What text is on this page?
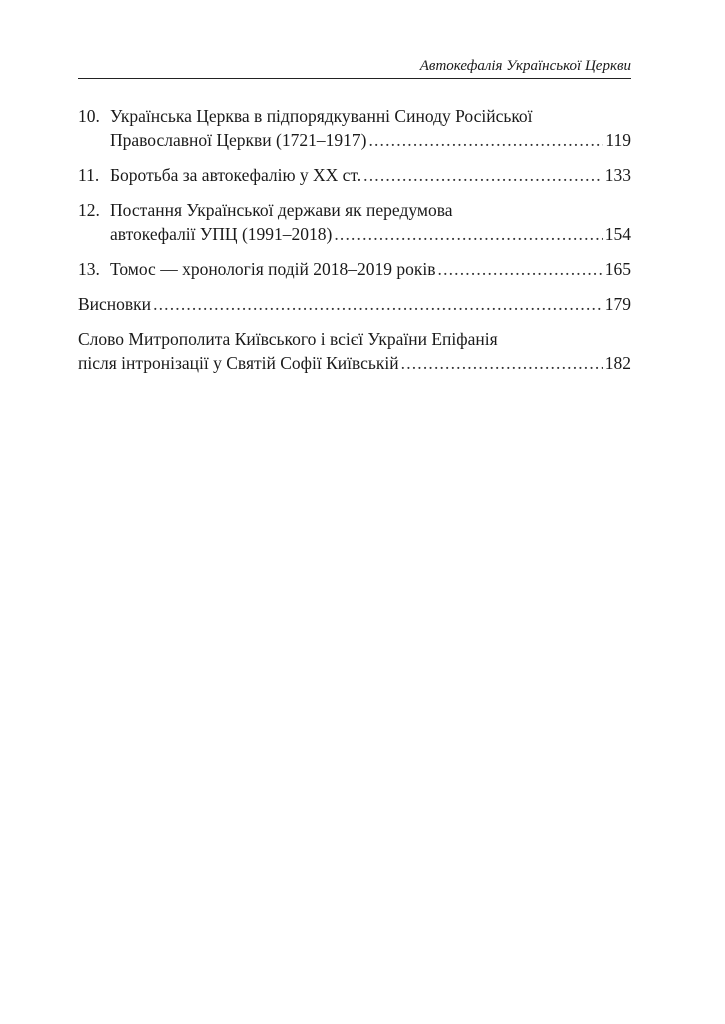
Автокефалія Української Церкви
10. Українська Церква в підпорядкуванні Синоду Російської
Православної Церкви (1721–1917) . . .	119
11. Боротьба за автокефалію у ХХ ст. . . .	133
12. Постання Української держави як передумова
автокефалії УПЦ (1991–2018) . . .	154
13. Томос — хронологія подій 2018–2019 років . . .	165
Висновки . . .	179
Слово Митрополита Київського і всієї України Епіфанія
після інтронізації у Святій Софії Київській . . .	182
